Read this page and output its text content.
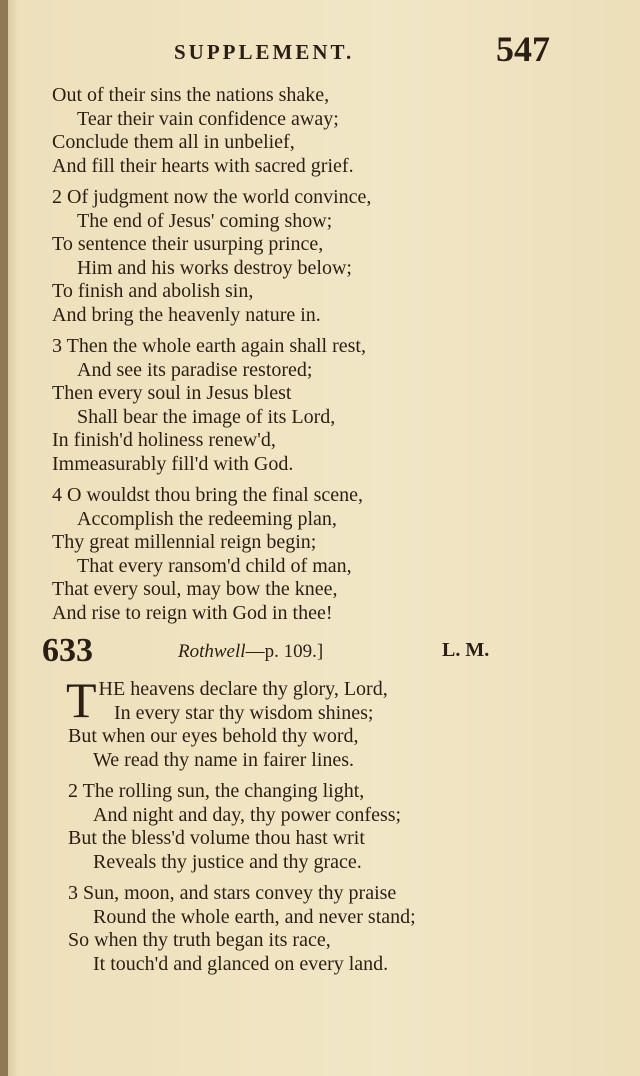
SUPPLEMENT.	547
Out of their sins the nations shake,
Tear their vain confidence away;
Conclude them all in unbelief,
And fill their hearts with sacred grief.
2 Of judgment now the world convince,
The end of Jesus' coming show;
To sentence their usurping prince,
Him and his works destroy below;
To finish and abolish sin,
And bring the heavenly nature in.
3 Then the whole earth again shall rest,
And see its paradise restored;
Then every soul in Jesus blest
Shall bear the image of its Lord,
In finish'd holiness renew'd,
Immeasurably fill'd with God.
4 O wouldst thou bring the final scene,
Accomplish the redeeming plan,
Thy great millennial reign begin;
That every ransom'd child of man,
That every soul, may bow the knee,
And rise to reign with God in thee!
633	Rothwell—p. 109.]	L. M.
THE heavens declare thy glory, Lord,
In every star thy wisdom shines;
But when our eyes behold thy word,
We read thy name in fairer lines.
2 The rolling sun, the changing light,
And night and day, thy power confess;
But the bless'd volume thou hast writ
Reveals thy justice and thy grace.
3 Sun, moon, and stars convey thy praise
Round the whole earth, and never stand;
So when thy truth began its race,
It touch'd and glanced on every land.
